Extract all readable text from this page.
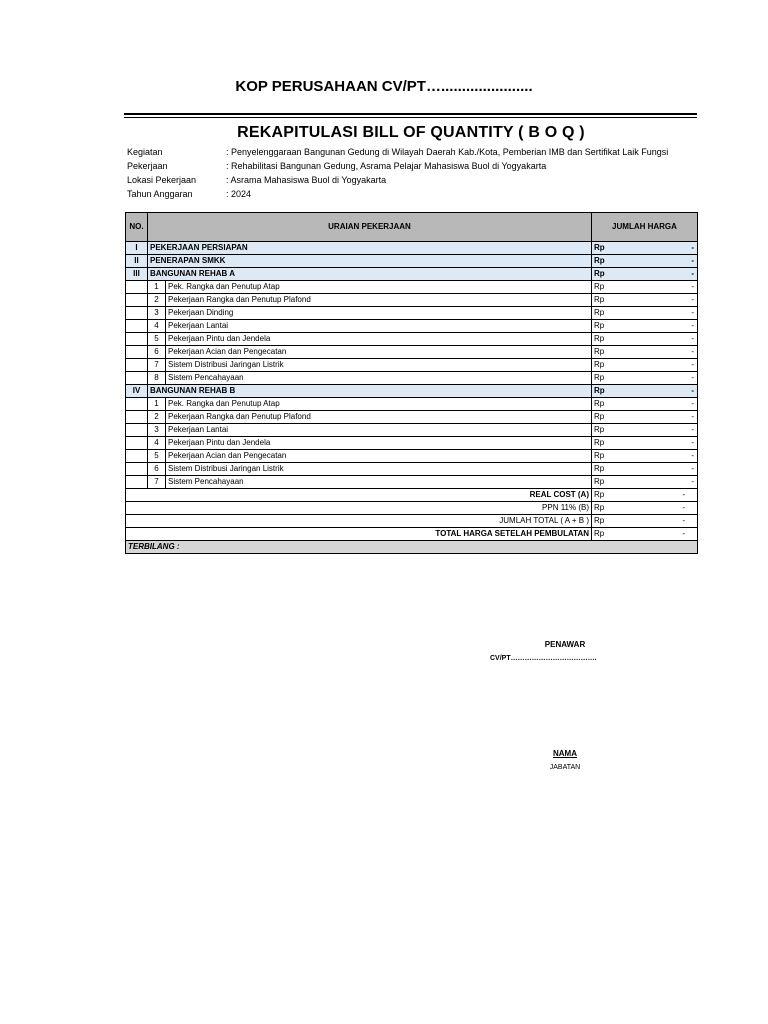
KOP PERUSAHAAN CV/PT…......................
REKAPITULASI BILL OF QUANTITY ( B O Q )
Kegiatan	: Penyelenggaraan Bangunan Gedung di Wilayah Daerah Kab./Kota, Pemberian IMB dan Sertifikat Laik Fungsi
Pekerjaan	: Rehabilitasi Bangunan Gedung, Asrama Pelajar Mahasiswa Buol di Yogyakarta
Lokasi Pekerjaan	: Asrama Mahasiswa Buol di Yogyakarta
Tahun Anggaran	: 2024
NO.	URAIAN PEKERJAAN		JUMLAH HARGA
I	PEKERJAAN PERSIAPAN		Rp -

II	PENERAPAN SMKK		Rp -

III	BANGUNAN REHAB A		Rp -

	1	Pek. Rangka dan Penutup Atap	Rp -

	2	Pekerjaan Rangka dan Penutup Plafond	Rp -

	3	Pekerjaan Dinding	Rp -

	4	Pekerjaan Lantai	Rp -

	5	Pekerjaan Pintu dan Jendela	Rp -

	6	Pekerjaan Acian dan Pengecatan	Rp -

	7	Sistem Distribusi Jaringan Listrik	Rp -

	8	Sistem Pencahayaan	Rp -

IV	BANGUNAN REHAB B		Rp -

	1	Pek. Rangka dan Penutup Atap	Rp -

	2	Pekerjaan Rangka dan Penutup Plafond	Rp -

	3	Pekerjaan Lantai	Rp -

	4	Pekerjaan Pintu dan Jendela	Rp -

	5	Pekerjaan Acian dan Pengecatan	Rp -

	6	Sistem Distribusi Jaringan Listrik	Rp -

	7	Sistem Pencahayaan	Rp -

REAL COST (A)			Rp -

PPN 11% (B)			Rp -

JUMLAH TOTAL ( A + B )			Rp -

TOTAL HARGA SETELAH PEMBULATAN			Rp -

TERBILANG :			
PENAWAR
CV/PT……………………………….
NAMA
JABATAN
